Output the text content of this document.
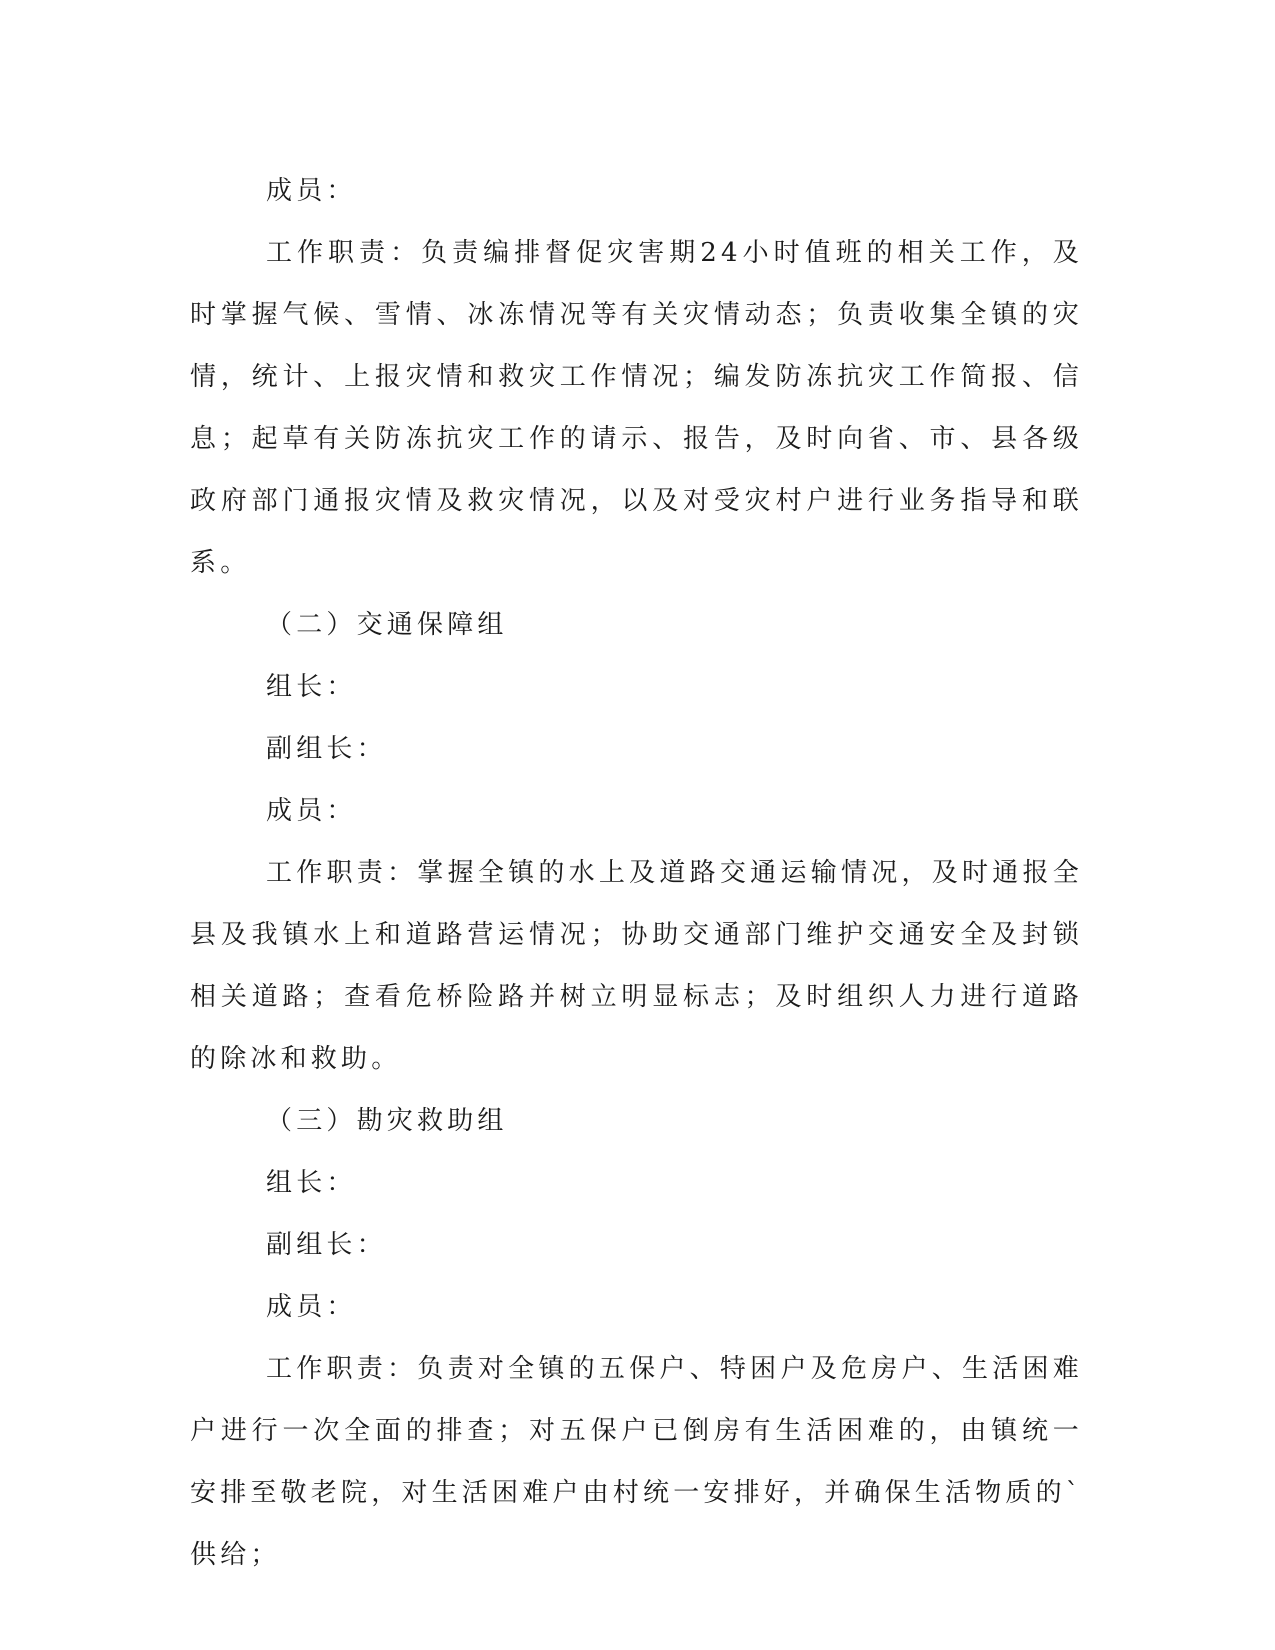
成员：

工作职责：负责编排督促灾害期24小时值班的相关工作，及时掌握气候、雪情、冰冻情况等有关灾情动态；负责收集全镇的灾情，统计、上报灾情和救灾工作情况；编发防冻抗灾工作简报、信息；起草有关防冻抗灾工作的请示、报告，及时向省、市、县各级政府部门通报灾情及救灾情况，以及对受灾村户进行业务指导和联系。

（二）交通保障组

组长：

副组长：

成员：

工作职责：掌握全镇的水上及道路交通运输情况，及时通报全县及我镇水上和道路营运情况；协助交通部门维护交通安全及封锁相关道路；查看危桥险路并树立明显标志；及时组织人力进行道路的除冰和救助。

（三）勘灾救助组

组长：

副组长：

成员：

工作职责：负责对全镇的五保户、特困户及危房户、生活困难户进行一次全面的排查；对五保户已倒房有生活困难的，由镇统一安排至敬老院，对生活困难户由村统一安排好，并确保生活物质的`供给；
